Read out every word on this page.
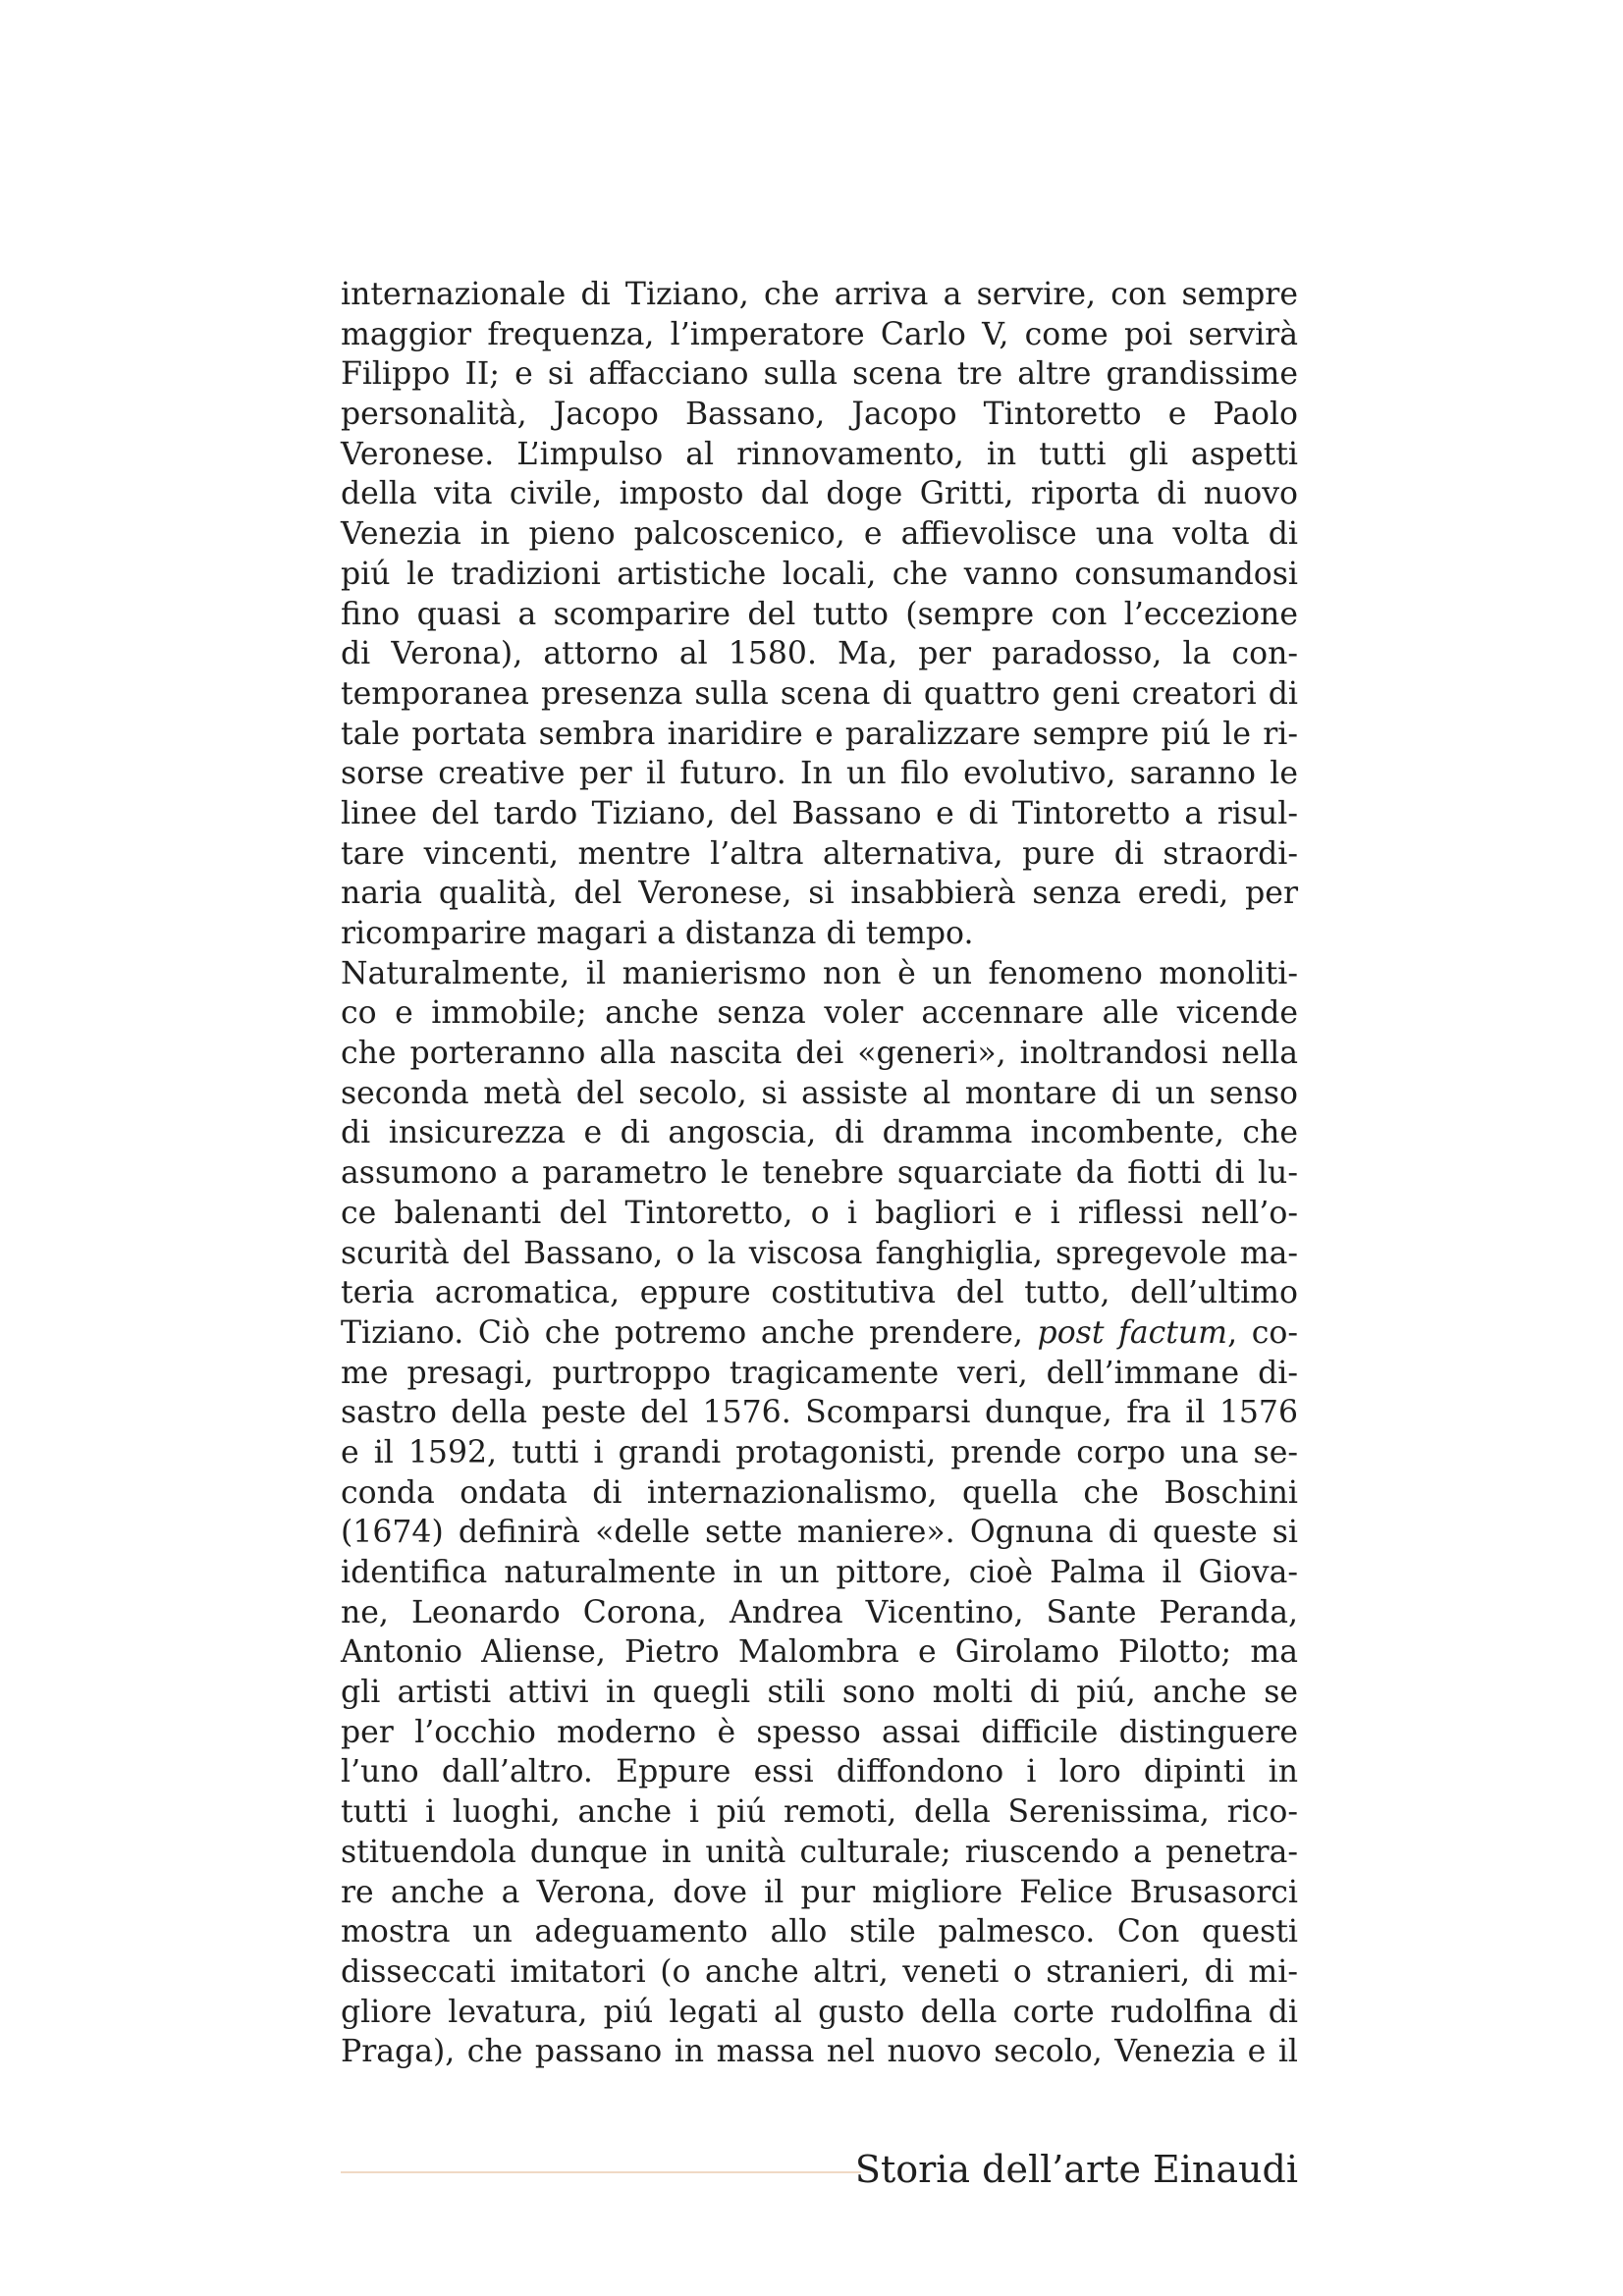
internazionale di Tiziano, che arriva a servire, con sempre
maggior frequenza, l’imperatore Carlo V, come poi servirà
Filippo II; e si affacciano sulla scena tre altre grandissime
personalità, Jacopo Bassano, Jacopo Tintoretto e Paolo
Veronese. L’impulso al rinnovamento, in tutti gli aspetti
della vita civile, imposto dal doge Gritti, riporta di nuovo
Venezia in pieno palcoscenico, e affievolisce una volta di
piú le tradizioni artistiche locali, che vanno consumandosi
fino quasi a scomparire del tutto (sempre con l’eccezione
di Verona), attorno al 1580. Ma, per paradosso, la con-
temporanea presenza sulla scena di quattro geni creatori di
tale portata sembra inaridire e paralizzare sempre piú le ri-
sorse creative per il futuro. In un filo evolutivo, saranno le
linee del tardo Tiziano, del Bassano e di Tintoretto a risul-
tare vincenti, mentre l’altra alternativa, pure di straordi-
naria qualità, del Veronese, si insabbierà senza eredi, per
ricomparire magari a distanza di tempo.
Naturalmente, il manierismo non è un fenomeno monoliti-
co e immobile; anche senza voler accennare alle vicende
che porteranno alla nascita dei «generi», inoltrandosi nella
seconda metà del secolo, si assiste al montare di un senso
di insicurezza e di angoscia, di dramma incombente, che
assumono a parametro le tenebre squarciate da fiotti di lu-
ce balenanti del Tintoretto, o i bagliori e i riflessi nell’o-
scurità del Bassano, o la viscosa fanghiglia, spregevole ma-
teria acromatica, eppure costitutiva del tutto, dell’ultimo
Tiziano. Ciò che potremo anche prendere, post factum, co-
me presagi, purtroppo tragicamente veri, dell’immane di-
sastro della peste del 1576. Scomparsi dunque, fra il 1576
e il 1592, tutti i grandi protagonisti, prende corpo una se-
conda ondata di internazionalismo, quella che Boschini
(1674) definirà «delle sette maniere». Ognuna di queste si
identifica naturalmente in un pittore, cioè Palma il Giova-
ne, Leonardo Corona, Andrea Vicentino, Sante Peranda,
Antonio Aliense, Pietro Malombra e Girolamo Pilotto; ma
gli artisti attivi in quegli stili sono molti di piú, anche se
per l’occhio moderno è spesso assai difficile distinguere
l’uno dall’altro. Eppure essi diffondono i loro dipinti in
tutti i luoghi, anche i piú remoti, della Serenissima, rico-
stituendola dunque in unità culturale; riuscendo a penetra-
re anche a Verona, dove il pur migliore Felice Brusasorci
mostra un adeguamento allo stile palmesco. Con questi
disseccati imitatori (o anche altri, veneti o stranieri, di mi-
gliore levatura, piú legati al gusto della corte rudolfina di
Praga), che passano in massa nel nuovo secolo, Venezia e il
Storia dell’arte Einaudi
